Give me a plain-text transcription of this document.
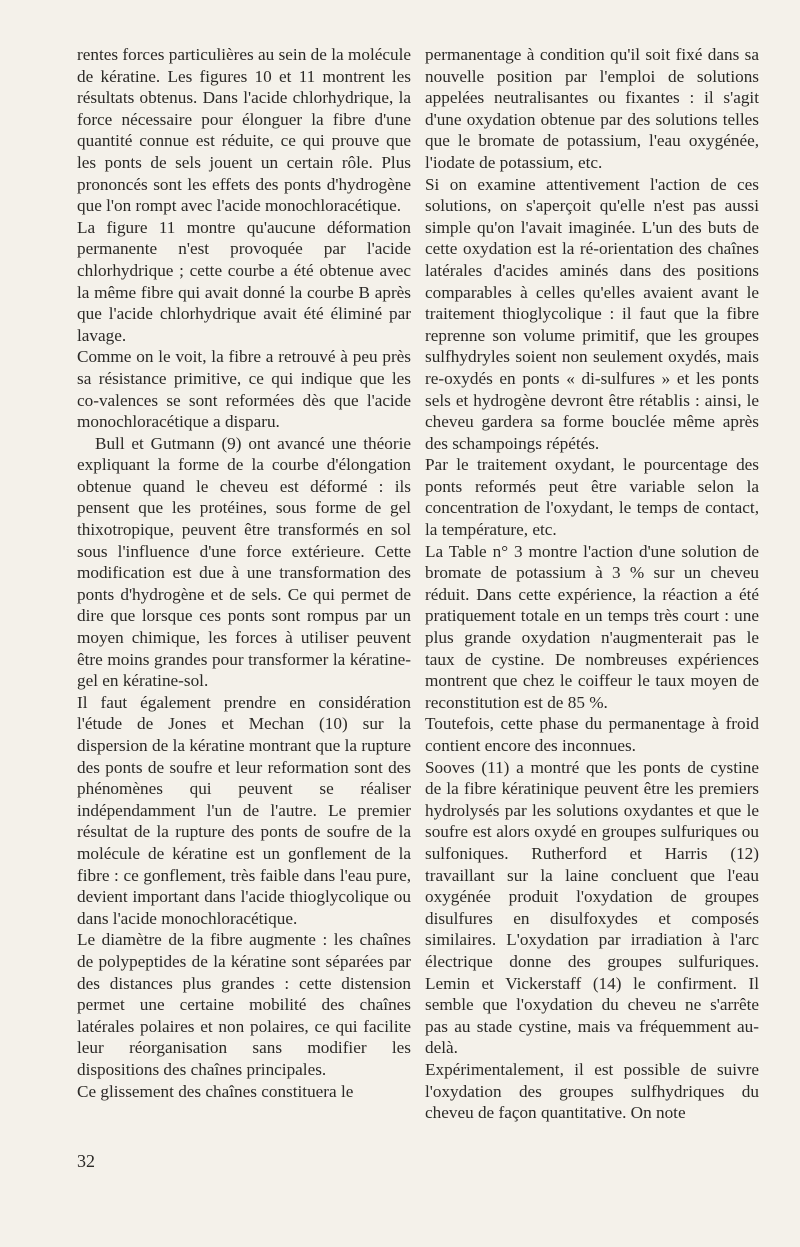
rentes forces particulières au sein de la molécule de kératine. Les figures 10 et 11 montrent les résultats obtenus. Dans l'acide chlorhydrique, la force nécessaire pour élonguer la fibre d'une quantité connue est réduite, ce qui prouve que les ponts de sels jouent un certain rôle. Plus prononcés sont les effets des ponts d'hydrogène que l'on rompt avec l'acide monochloracétique.

La figure 11 montre qu'aucune déformation permanente n'est provoquée par l'acide chlorhydrique ; cette courbe a été obtenue avec la même fibre qui avait donné la courbe B après que l'acide chlorhydrique avait été éliminé par lavage.

Comme on le voit, la fibre a retrouvé à peu près sa résistance primitive, ce qui indique que les co-valences se sont reformées dès que l'acide monochloracétique a disparu.

Bull et Gutmann (9) ont avancé une théorie expliquant la forme de la courbe d'élongation obtenue quand le cheveu est déformé : ils pensent que les protéines, sous forme de gel thixotropique, peuvent être transformés en sol sous l'influence d'une force extérieure. Cette modification est due à une transformation des ponts d'hydrogène et de sels. Ce qui permet de dire que lorsque ces ponts sont rompus par un moyen chimique, les forces à utiliser peuvent être moins grandes pour transformer la kératine-gel en kératine-sol.

Il faut également prendre en considération l'étude de Jones et Mechan (10) sur la dispersion de la kératine montrant que la rupture des ponts de soufre et leur reformation sont des phénomènes qui peuvent se réaliser indépendamment l'un de l'autre. Le premier résultat de la rupture des ponts de soufre de la molécule de kératine est un gonflement de la fibre : ce gonflement, très faible dans l'eau pure, devient important dans l'acide thioglycolique ou dans l'acide monochloracétique.

Le diamètre de la fibre augmente : les chaînes de polypeptides de la kératine sont séparées par des distances plus grandes : cette distension permet une certaine mobilité des chaînes latérales polaires et non polaires, ce qui facilite leur réorganisation sans modifier les dispositions des chaînes principales.

Ce glissement des chaînes constituera le

permanentage à condition qu'il soit fixé dans sa nouvelle position par l'emploi de solutions appelées neutralisantes ou fixantes : il s'agit d'une oxydation obtenue par des solutions telles que le bromate de potassium, l'eau oxygénée, l'iodate de potassium, etc.

Si on examine attentivement l'action de ces solutions, on s'aperçoit qu'elle n'est pas aussi simple qu'on l'avait imaginée. L'un des buts de cette oxydation est la ré-orientation des chaînes latérales d'acides aminés dans des positions comparables à celles qu'elles avaient avant le traitement thioglycolique : il faut que la fibre reprenne son volume primitif, que les groupes sulfhydryles soient non seulement oxydés, mais re-oxydés en ponts « di-sulfures » et les ponts sels et hydrogène devront être rétablis : ainsi, le cheveu gardera sa forme bouclée même après des schampoings répétés.

Par le traitement oxydant, le pourcentage des ponts reformés peut être variable selon la concentration de l'oxydant, le temps de contact, la température, etc.

La Table n° 3 montre l'action d'une solution de bromate de potassium à 3 % sur un cheveu réduit. Dans cette expérience, la réaction a été pratiquement totale en un temps très court : une plus grande oxydation n'augmenterait pas le taux de cystine. De nombreuses expériences montrent que chez le coiffeur le taux moyen de reconstitution est de 85 %.

Toutefois, cette phase du permanentage à froid contient encore des inconnues.

Sooves (11) a montré que les ponts de cystine de la fibre kératinique peuvent être les premiers hydrolysés par les solutions oxydantes et que le soufre est alors oxydé en groupes sulfuriques ou sulfoniques. Rutherford et Harris (12) travaillant sur la laine concluent que l'eau oxygénée produit l'oxydation de groupes disulfures en disulfoxydes et composés similaires. L'oxydation par irradiation à l'arc électrique donne des groupes sulfuriques. Lemin et Vickerstaff (14) le confirment. Il semble que l'oxydation du cheveu ne s'arrête pas au stade cystine, mais va fréquemment au-delà.

Expérimentalement, il est possible de suivre l'oxydation des groupes sulfhydriques du cheveu de façon quantitative. On note

32
